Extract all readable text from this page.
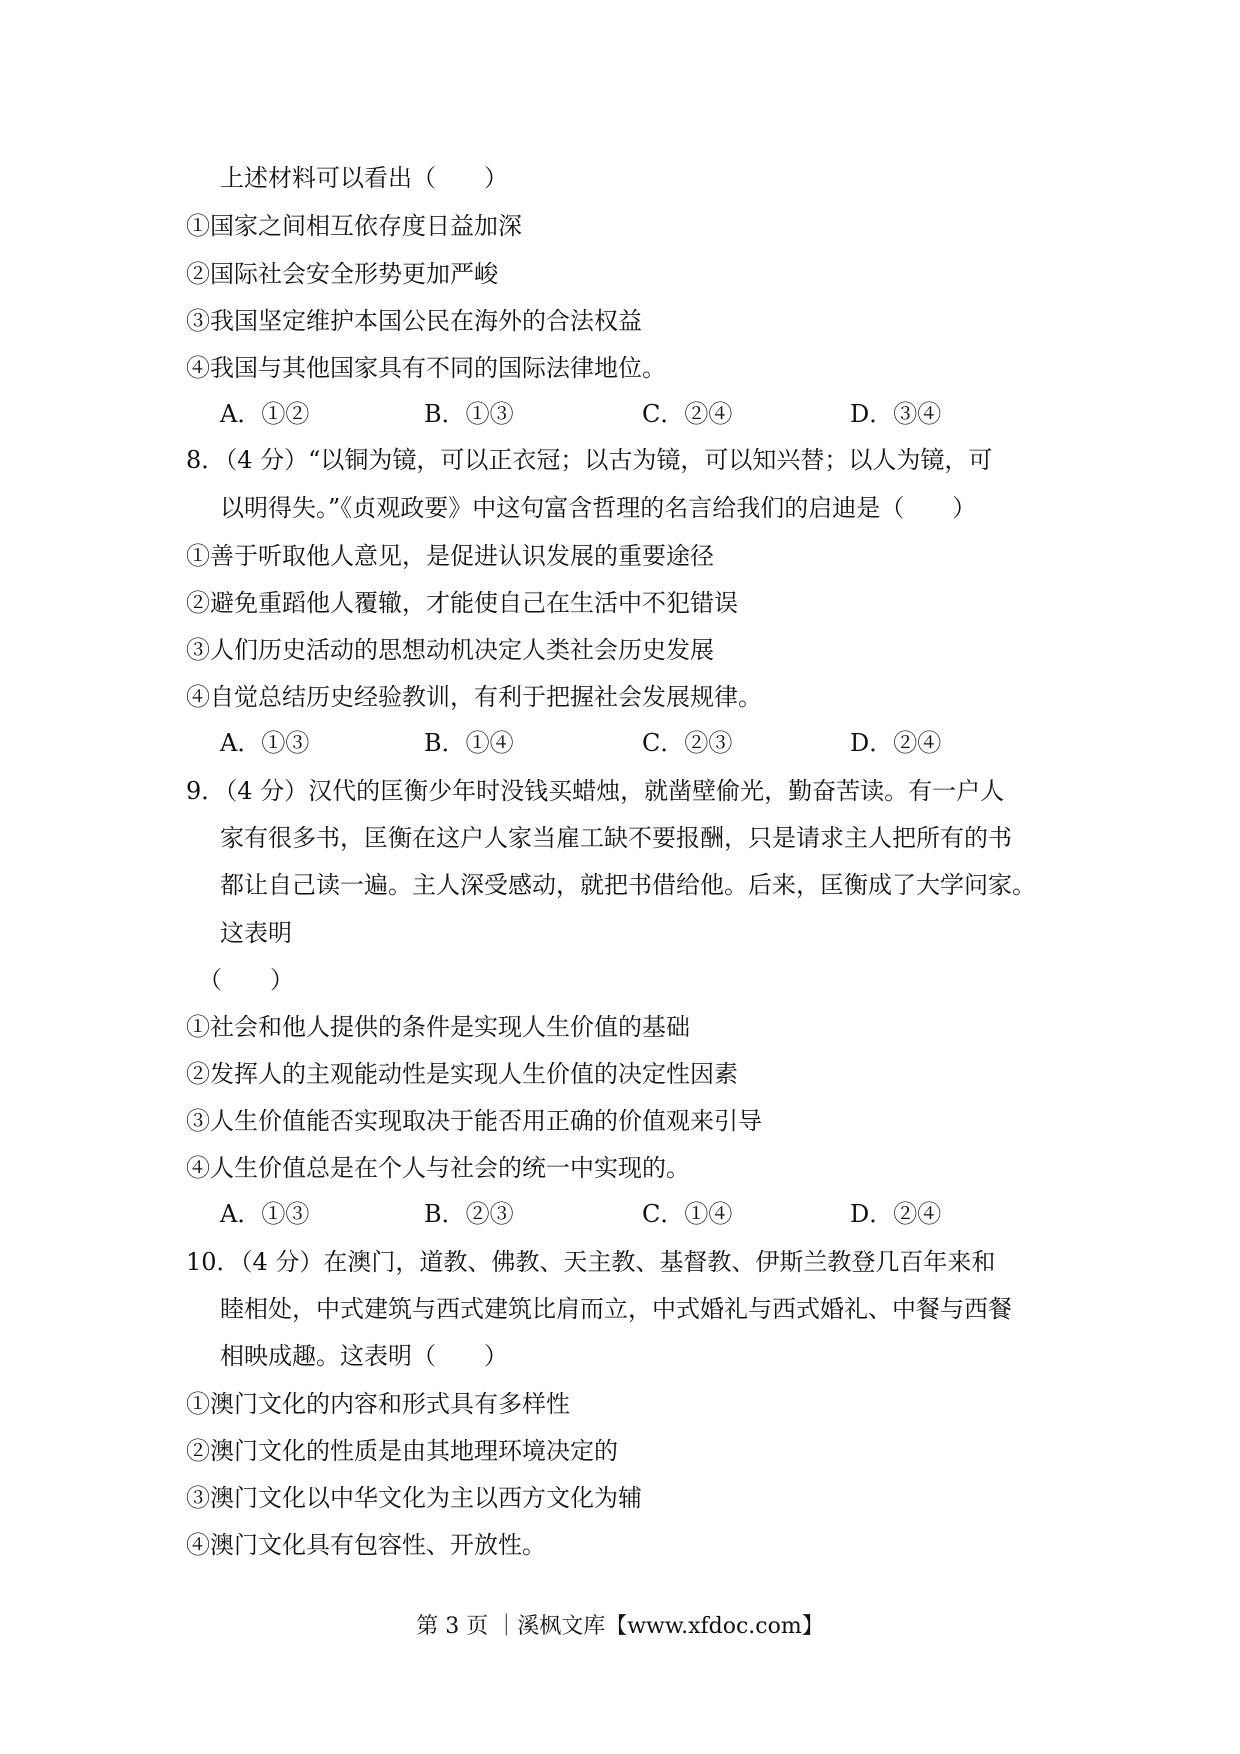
上述材料可以看出（　　）
①国家之间相互依存度日益加深
②国际社会安全形势更加严峻
③我国坚定维护本国公民在海外的合法权益
④我国与其他国家具有不同的国际法律地位。
A．①②	B．①③	C．②④	D．③④
8．（4 分）“以铜为镜，可以正衣冠；以古为镜，可以知兴替；以人为镜，可
以明得失。”《贞观政要》中这句富含哲理的名言给我们的启迪是（　　）
①善于听取他人意见，是促进认识发展的重要途径
②避免重蹈他人覆辙，才能使自己在生活中不犯错误
③人们历史活动的思想动机决定人类社会历史发展
④自觉总结历史经验教训，有利于把握社会发展规律。
A．①③	B．①④	C．②③	D．②④
9．（4 分）汉代的匡衡少年时没钱买蜡烛，就凿壁偷光，勤奋苦读。有一户人
家有很多书，匡衡在这户人家当雇工缺不要报酬，只是请求主人把所有的书
都让自己读一遍。主人深受感动，就把书借给他。后来，匡衡成了大学问家。
这表明
（　　）
①社会和他人提供的条件是实现人生价值的基础
②发挥人的主观能动性是实现人生价值的决定性因素
③人生价值能否实现取决于能否用正确的价值观来引导
④人生价值总是在个人与社会的统一中实现的。
A．①③	B．②③	C．①④	D．②④
10．（4 分）在澳门，道教、佛教、天主教、基督教、伊斯兰教登几百年来和
睦相处，中式建筑与西式建筑比肩而立，中式婚礼与西式婚礼、中餐与西餐
相映成趣。这表明（　　）
①澳门文化的内容和形式具有多样性
②澳门文化的性质是由其地理环境决定的
③澳门文化以中华文化为主以西方文化为辅
④澳门文化具有包容性、开放性。
第 3 页 ｜溪枫文库【www.xfdoc.com】
